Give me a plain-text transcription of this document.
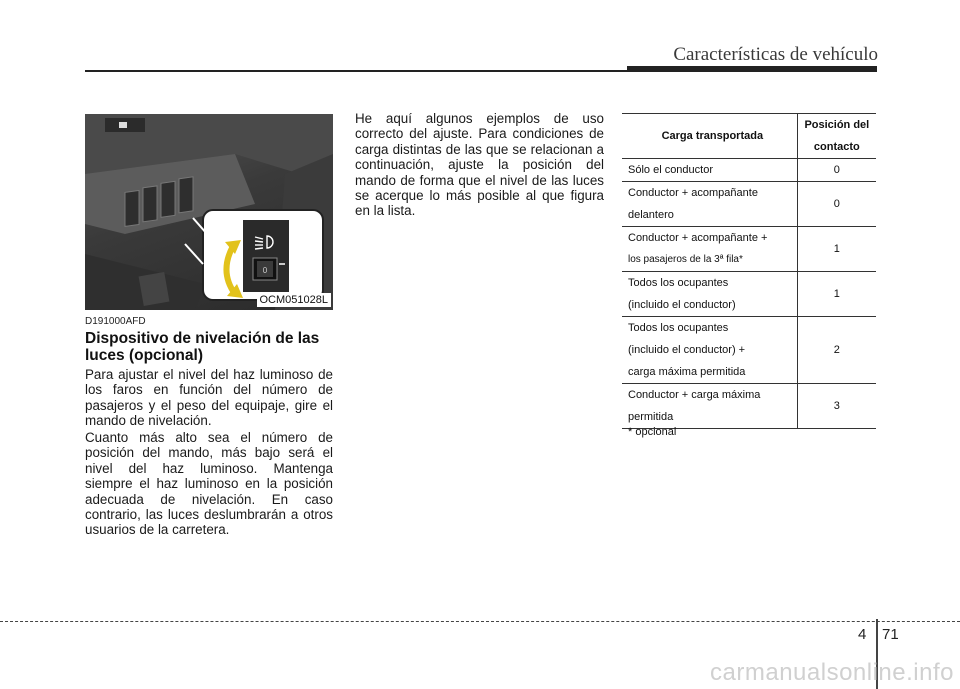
Características de vehículo
0
OCM051028L
D191000AFD
Dispositivo de nivelación de las luces (opcional)
Para ajustar el nivel del haz luminoso de los faros en función del número de pasajeros y el peso del equipaje, gire el mando de nivelación.
Cuanto más alto sea el número de posición del mando, más bajo será el nivel del haz luminoso. Mantenga siempre el haz luminoso en la posición adecuada de nivelación. En caso contrario, las luces deslumbrarán a otros usuarios de la carretera.
He aquí algunos ejemplos de uso correcto del ajuste. Para condiciones de carga distintas de las que se relacionan a continuación, ajuste la posición del mando de forma que el nivel de las luces se acerque lo más posible al que figura en la lista.
Carga transportada	Posición del
contacto

Sólo el conductor	0

Conductor + acompañante
delantero	0

Conductor + acompañante +
los pasajeros de la 3ª fila*	1

Todos los ocupantes
(incluido el conductor)	1

Todos los ocupantes
(incluido el conductor) +
carga máxima permitida	2

Conductor + carga máxima
permitida	3
* opcional
4 71
carmanualsonline.info
